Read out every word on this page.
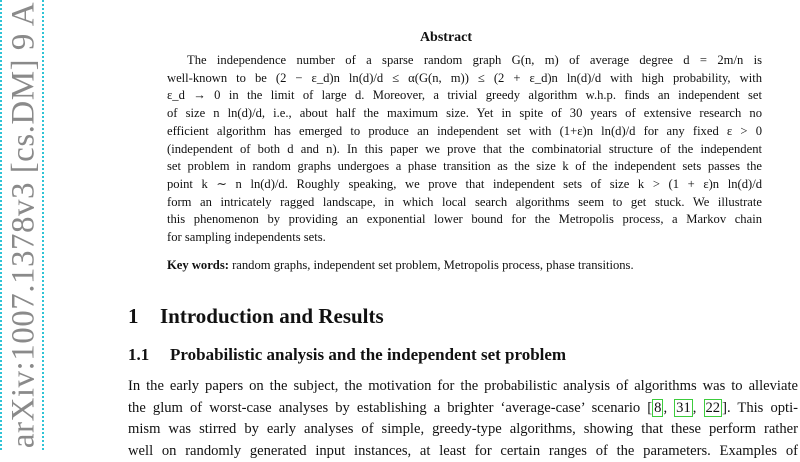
arXiv:1007.1378v3 [cs.DM] 9 A	Abstract
The independence number of a sparse random graph G(n, m) of average degree d = 2m/n is
well-known to be (2 − ε_d)n ln(d)/d ≤ α(G(n, m)) ≤ (2 + ε_d)n ln(d)/d with high probability, with
ε_d → 0 in the limit of large d. Moreover, a trivial greedy algorithm w.h.p. finds an independent set
of size n ln(d)/d, i.e., about half the maximum size. Yet in spite of 30 years of extensive research no
efficient algorithm has emerged to produce an independent set with (1+ε)n ln(d)/d for any fixed ε > 0
(independent of both d and n). In this paper we prove that the combinatorial structure of the independent
set problem in random graphs undergoes a phase transition as the size k of the independent sets passes the
point k ∼ n ln(d)/d. Roughly speaking, we prove that independent sets of size k > (1 + ε)n ln(d)/d
form an intricately ragged landscape, in which local search algorithms seem to get stuck. We illustrate
this phenomenon by providing an exponential lower bound for the Metropolis process, a Markov chain
for sampling independents sets.
Key words: random graphs, independent set problem, Metropolis process, phase transitions.
1 Introduction and Results
1.1 Probabilistic analysis and the independent set problem
In the early papers on the subject, the motivation for the probabilistic analysis of algorithms was to alleviate
the glum of worst-case analyses by establishing a brighter ‘average-case’ scenario [ 8 , 31 , 22 ]. This opti-
mism was stirred by early analyses of simple, greedy-type algorithms, showing that these perform rather
well on randomly generated input instances, at least for certain ranges of the parameters. Examples of
